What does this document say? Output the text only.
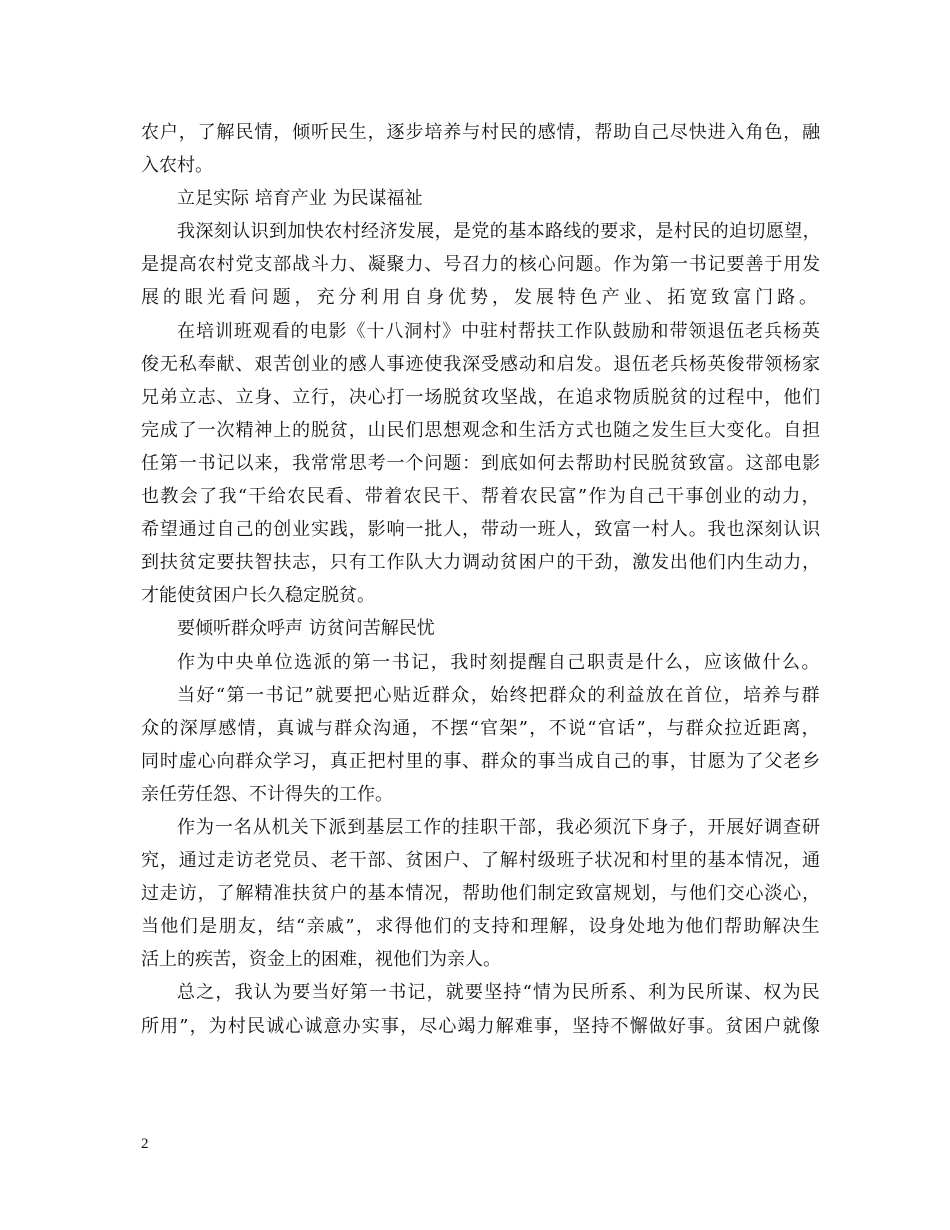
农户，了解民情，倾听民生，逐步培养与村民的感情，帮助自己尽快进入角色，融
入农村。
立足实际 培育产业 为民谋福祉
我深刻认识到加快农村经济发展，是党的基本路线的要求，是村民的迫切愿望，
是提高农村党支部战斗力、凝聚力、号召力的核心问题。作为第一书记要善于用发
展的眼光看问题，充分利用自身优势，发展特色产业、拓宽致富门路。
在培训班观看的电影《十八洞村》中驻村帮扶工作队鼓励和带领退伍老兵杨英
俊无私奉献、艰苦创业的感人事迹使我深受感动和启发。退伍老兵杨英俊带领杨家
兄弟立志、立身、立行，决心打一场脱贫攻坚战，在追求物质脱贫的过程中，他们
完成了一次精神上的脱贫，山民们思想观念和生活方式也随之发生巨大变化。自担
任第一书记以来，我常常思考一个问题：到底如何去帮助村民脱贫致富。这部电影
也教会了我“干给农民看、带着农民干、帮着农民富”作为自己干事创业的动力，
希望通过自己的创业实践，影响一批人，带动一班人，致富一村人。我也深刻认识
到扶贫定要扶智扶志，只有工作队大力调动贫困户的干劲，激发出他们内生动力，
才能使贫困户长久稳定脱贫。
要倾听群众呼声 访贫问苦解民忧
作为中央单位选派的第一书记，我时刻提醒自己职责是什么，应该做什么。
当好“第一书记”就要把心贴近群众，始终把群众的利益放在首位，培养与群
众的深厚感情，真诚与群众沟通，不摆“官架”，不说“官话”，与群众拉近距离，
同时虚心向群众学习，真正把村里的事、群众的事当成自己的事，甘愿为了父老乡
亲任劳任怨、不计得失的工作。
作为一名从机关下派到基层工作的挂职干部，我必须沉下身子，开展好调查研
究，通过走访老党员、老干部、贫困户、了解村级班子状况和村里的基本情况，通
过走访，了解精准扶贫户的基本情况，帮助他们制定致富规划，与他们交心淡心，
当他们是朋友，结“亲戚”，求得他们的支持和理解，设身处地为他们帮助解决生
活上的疾苦，资金上的困难，视他们为亲人。
总之，我认为要当好第一书记，就要坚持“情为民所系、利为民所谋、权为民
所用”，为村民诚心诚意办实事，尽心竭力解难事，坚持不懈做好事。贫困户就像
2
